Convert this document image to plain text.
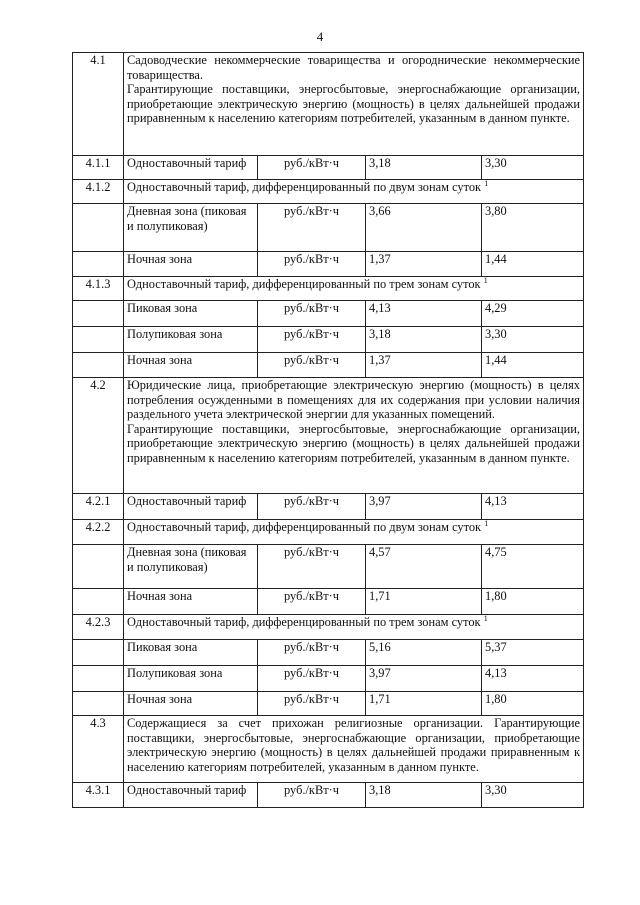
4
4.1	Садоводческие некоммерческие товарищества и огороднические некоммерческие товарищества.
Гарантирующие поставщики, энергосбытовые, энергоснабжающие организации, приобретающие электрическую энергию (мощность) в целях дальнейшей продажи приравненным к населению категориям потребителей, указанным в данном пункте.			

4.1.1	Одноставочный тариф	руб./кВт·ч	3,18	3,30
4.1.2	Одноставочный тариф, дифференцированный по двум зонам суток $^1$
	Дневная зона (пиковая и полупиковая)	руб./кВт·ч	3,66	3,80
	Ночная зона	руб./кВт·ч	1,37	1,44
4.1.3	Одноставочный тариф, дифференцированный по трем зонам суток $^1$
	Пиковая зона	руб./кВт·ч	4,13	4,29
	Полупиковая зона	руб./кВт·ч	3,18	3,30
	Ночная зона	руб./кВт·ч	1,37	1,44
4.2	Юридические лица, приобретающие электрическую энергию (мощность) в целях потребления осужденными в помещениях для их содержания при условии наличия раздельного учета электрической энергии для указанных помещений.
Гарантирующие поставщики, энергосбытовые, энергоснабжающие организации, приобретающие электрическую энергию (мощность) в целях дальнейшей продажи приравненным к населению категориям потребителей, указанным в данном пункте.			

4.2.1	Одноставочный тариф	руб./кВт·ч	3,97	4,13
4.2.2	Одноставочный тариф, дифференцированный по двум зонам суток $^1$
	Дневная зона (пиковая и полупиковая)	руб./кВт·ч	4,57	4,75
	Ночная зона	руб./кВт·ч	1,71	1,80
4.2.3	Одноставочный тариф, дифференцированный по трем зонам суток $^1$
	Пиковая зона	руб./кВт·ч	5,16	5,37
	Полупиковая зона	руб./кВт·ч	3,97	4,13
	Ночная зона	руб./кВт·ч	1,71	1,80
4.3	Содержащиеся за счет прихожан религиозные организации. Гарантирующие поставщики, энергосбытовые, энергоснабжающие организации, приобретающие электрическую энергию (мощность) в целях дальнейшей продажи приравненным к населению категориям потребителей, указанным в данном пункте.			
4.3.1	Одноставочный тариф	руб./кВт·ч	3,18	3,30
